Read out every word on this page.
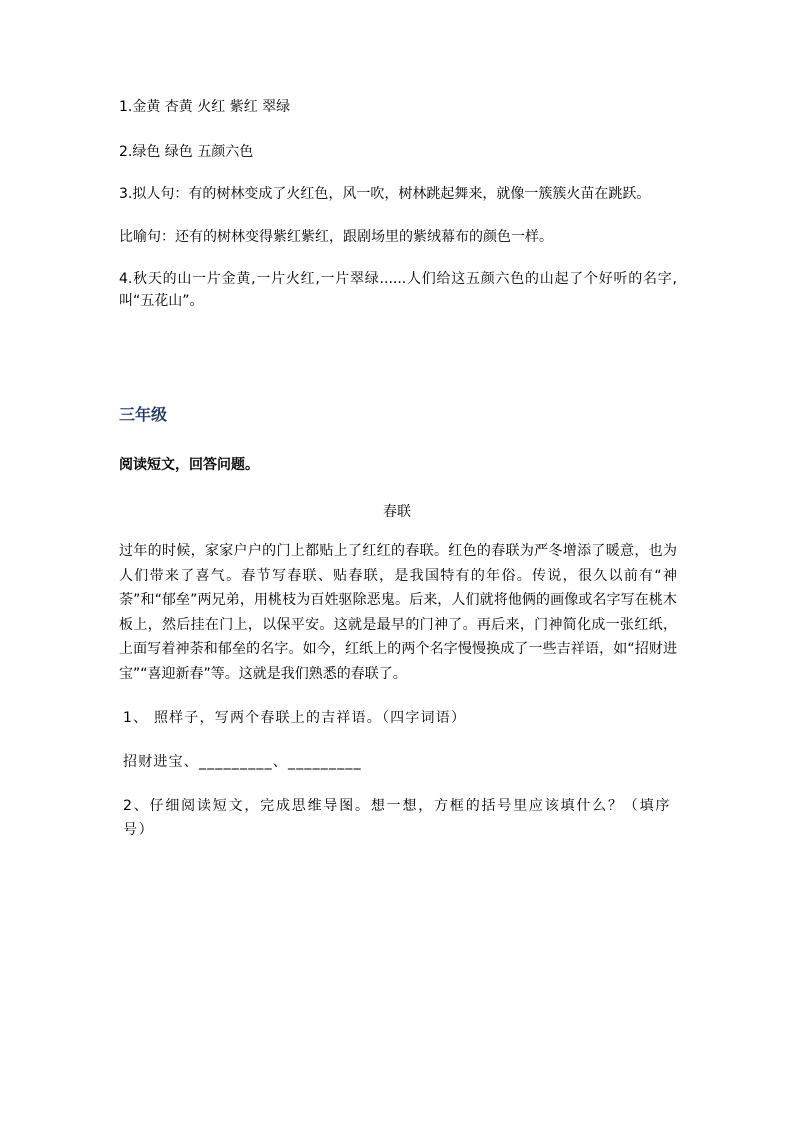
1.金黄 杏黄 火红 紫红 翠绿
2.绿色 绿色 五颜六色
3.拟人句：有的树林变成了火红色，风一吹，树林跳起舞来，就像一簇簇火苗在跳跃。
比喻句：还有的树林变得紫红紫红，跟剧场里的紫绒幕布的颜色一样。
4.秋天的山一片金黄,一片火红,一片翠绿......人们给这五颜六色的山起了个好听的名字,叫“五花山”。
三年级
阅读短文，回答问题。
春联
过年的时候，家家户户的门上都贴上了红红的春联。红色的春联为严冬增添了暖意，也为人们带来了喜气。春节写春联、贴春联，是我国特有的年俗。传说，很久以前有“神荼”和“郁垒”两兄弟，用桃枝为百姓驱除恶鬼。后来，人们就将他俩的画像或名字写在桃木板上，然后挂在门上，以保平安。这就是最早的门神了。再后来，门神简化成一张红纸，上面写着神荼和郁垒的名字。如今，红纸上的两个名字慢慢换成了一些吉祥语，如“招财进宝”“喜迎新春”等。这就是我们熟悉的春联了。
1、 照样子，写两个春联上的吉祥语。（四字词语）
招财进宝、_________、_________
2、仔细阅读短文，完成思维导图。想一想，方框的括号里应该填什么？（填序号）
